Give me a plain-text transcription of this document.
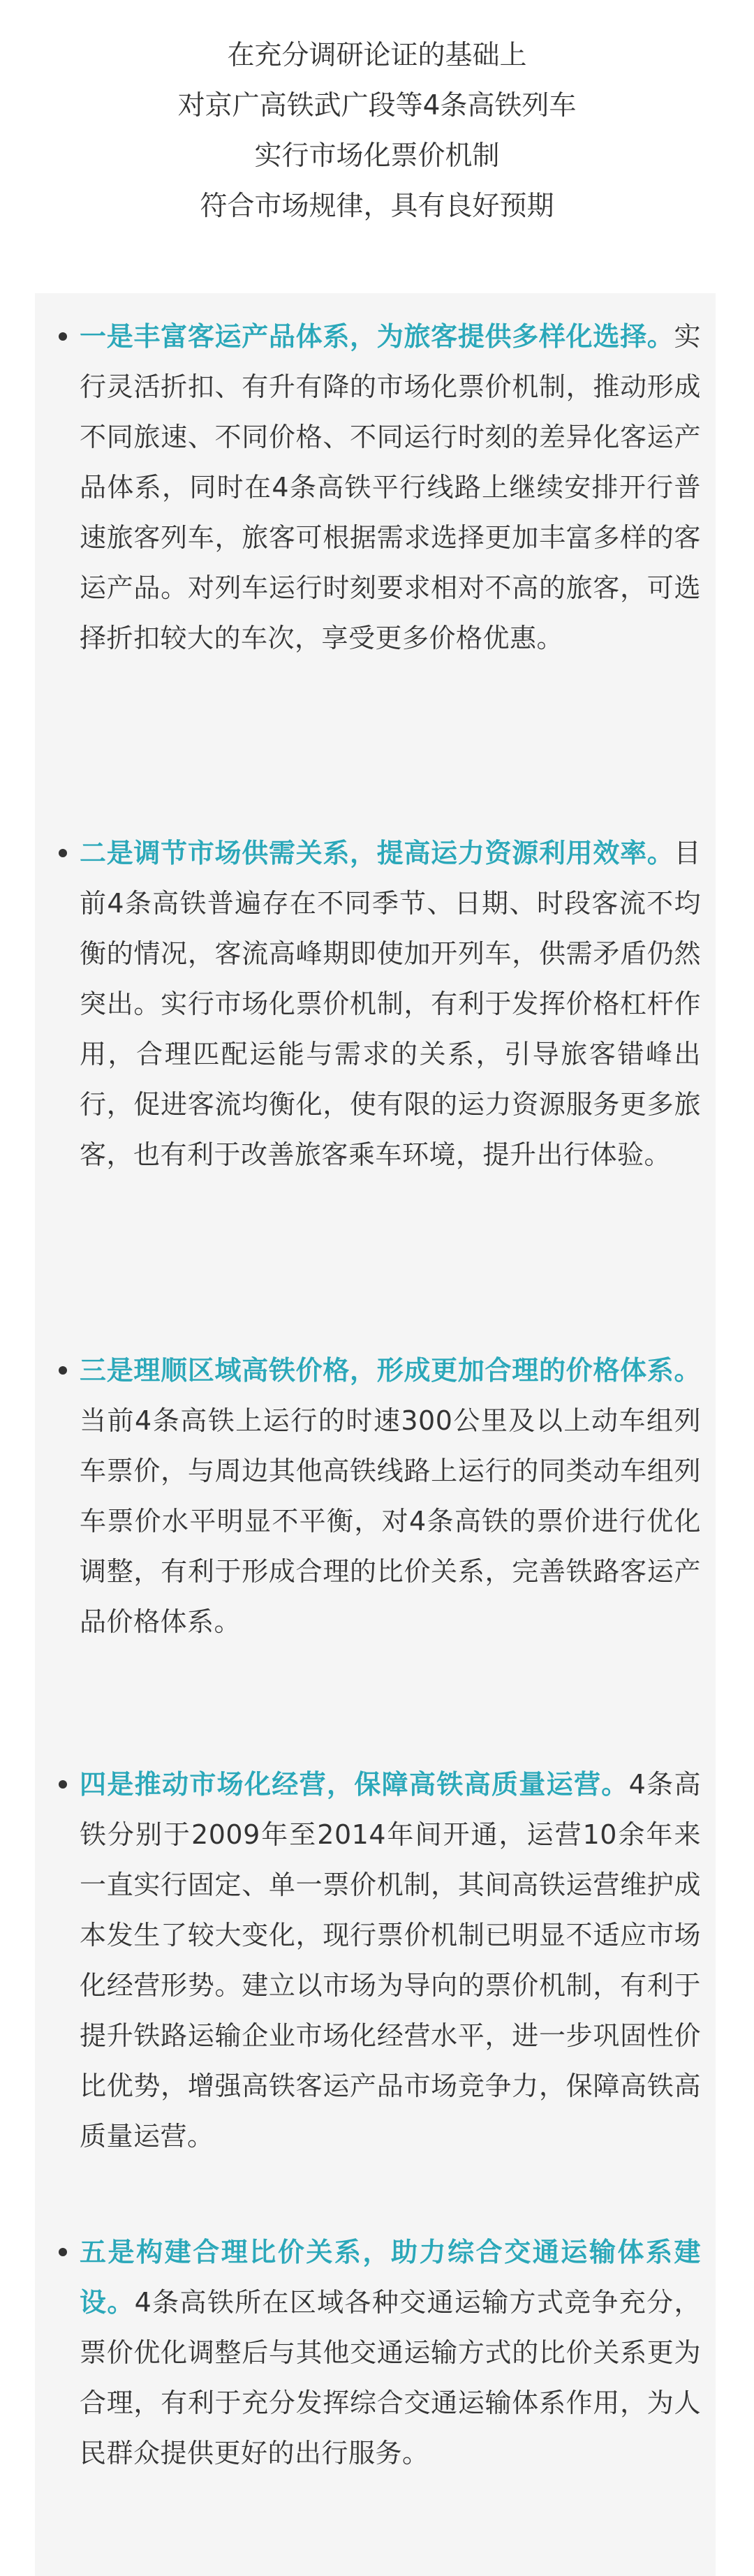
在充分调研论证的基础上

对京广高铁武广段等4条高铁列车

实行市场化票价机制

符合市场规律，具有良好预期

一是丰富客运产品体系，为旅客提供多样化选择。实行灵活折扣、有升有降的市场化票价机制，推动形成不同旅速、不同价格、不同运行时刻的差异化客运产品体系，同时在4条高铁平行线路上继续安排开行普速旅客列车，旅客可根据需求选择更加丰富多样的客运产品。对列车运行时刻要求相对不高的旅客，可选择折扣较大的车次，享受更多价格优惠。
二是调节市场供需关系，提高运力资源利用效率。目前4条高铁普遍存在不同季节、日期、时段客流不均衡的情况，客流高峰期即使加开列车，供需矛盾仍然突出。实行市场化票价机制，有利于发挥价格杠杆作用，合理匹配运能与需求的关系，引导旅客错峰出行，促进客流均衡化，使有限的运力资源服务更多旅客，也有利于改善旅客乘车环境，提升出行体验。
三是理顺区域高铁价格，形成更加合理的价格体系。当前4条高铁上运行的时速300公里及以上动车组列车票价，与周边其他高铁线路上运行的同类动车组列车票价水平明显不平衡，对4条高铁的票价进行优化调整，有利于形成合理的比价关系，完善铁路客运产品价格体系。
四是推动市场化经营，保障高铁高质量运营。4条高铁分别于2009年至2014年间开通，运营10余年来一直实行固定、单一票价机制，其间高铁运营维护成本发生了较大变化，现行票价机制已明显不适应市场化经营形势。建立以市场为导向的票价机制，有利于提升铁路运输企业市场化经营水平，进一步巩固性价比优势，增强高铁客运产品市场竞争力，保障高铁高质量运营。
五是构建合理比价关系，助力综合交通运输体系建设。4条高铁所在区域各种交通运输方式竞争充分，票价优化调整后与其他交通运输方式的比价关系更为合理，有利于充分发挥综合交通运输体系作用，为人民群众提供更好的出行服务。
